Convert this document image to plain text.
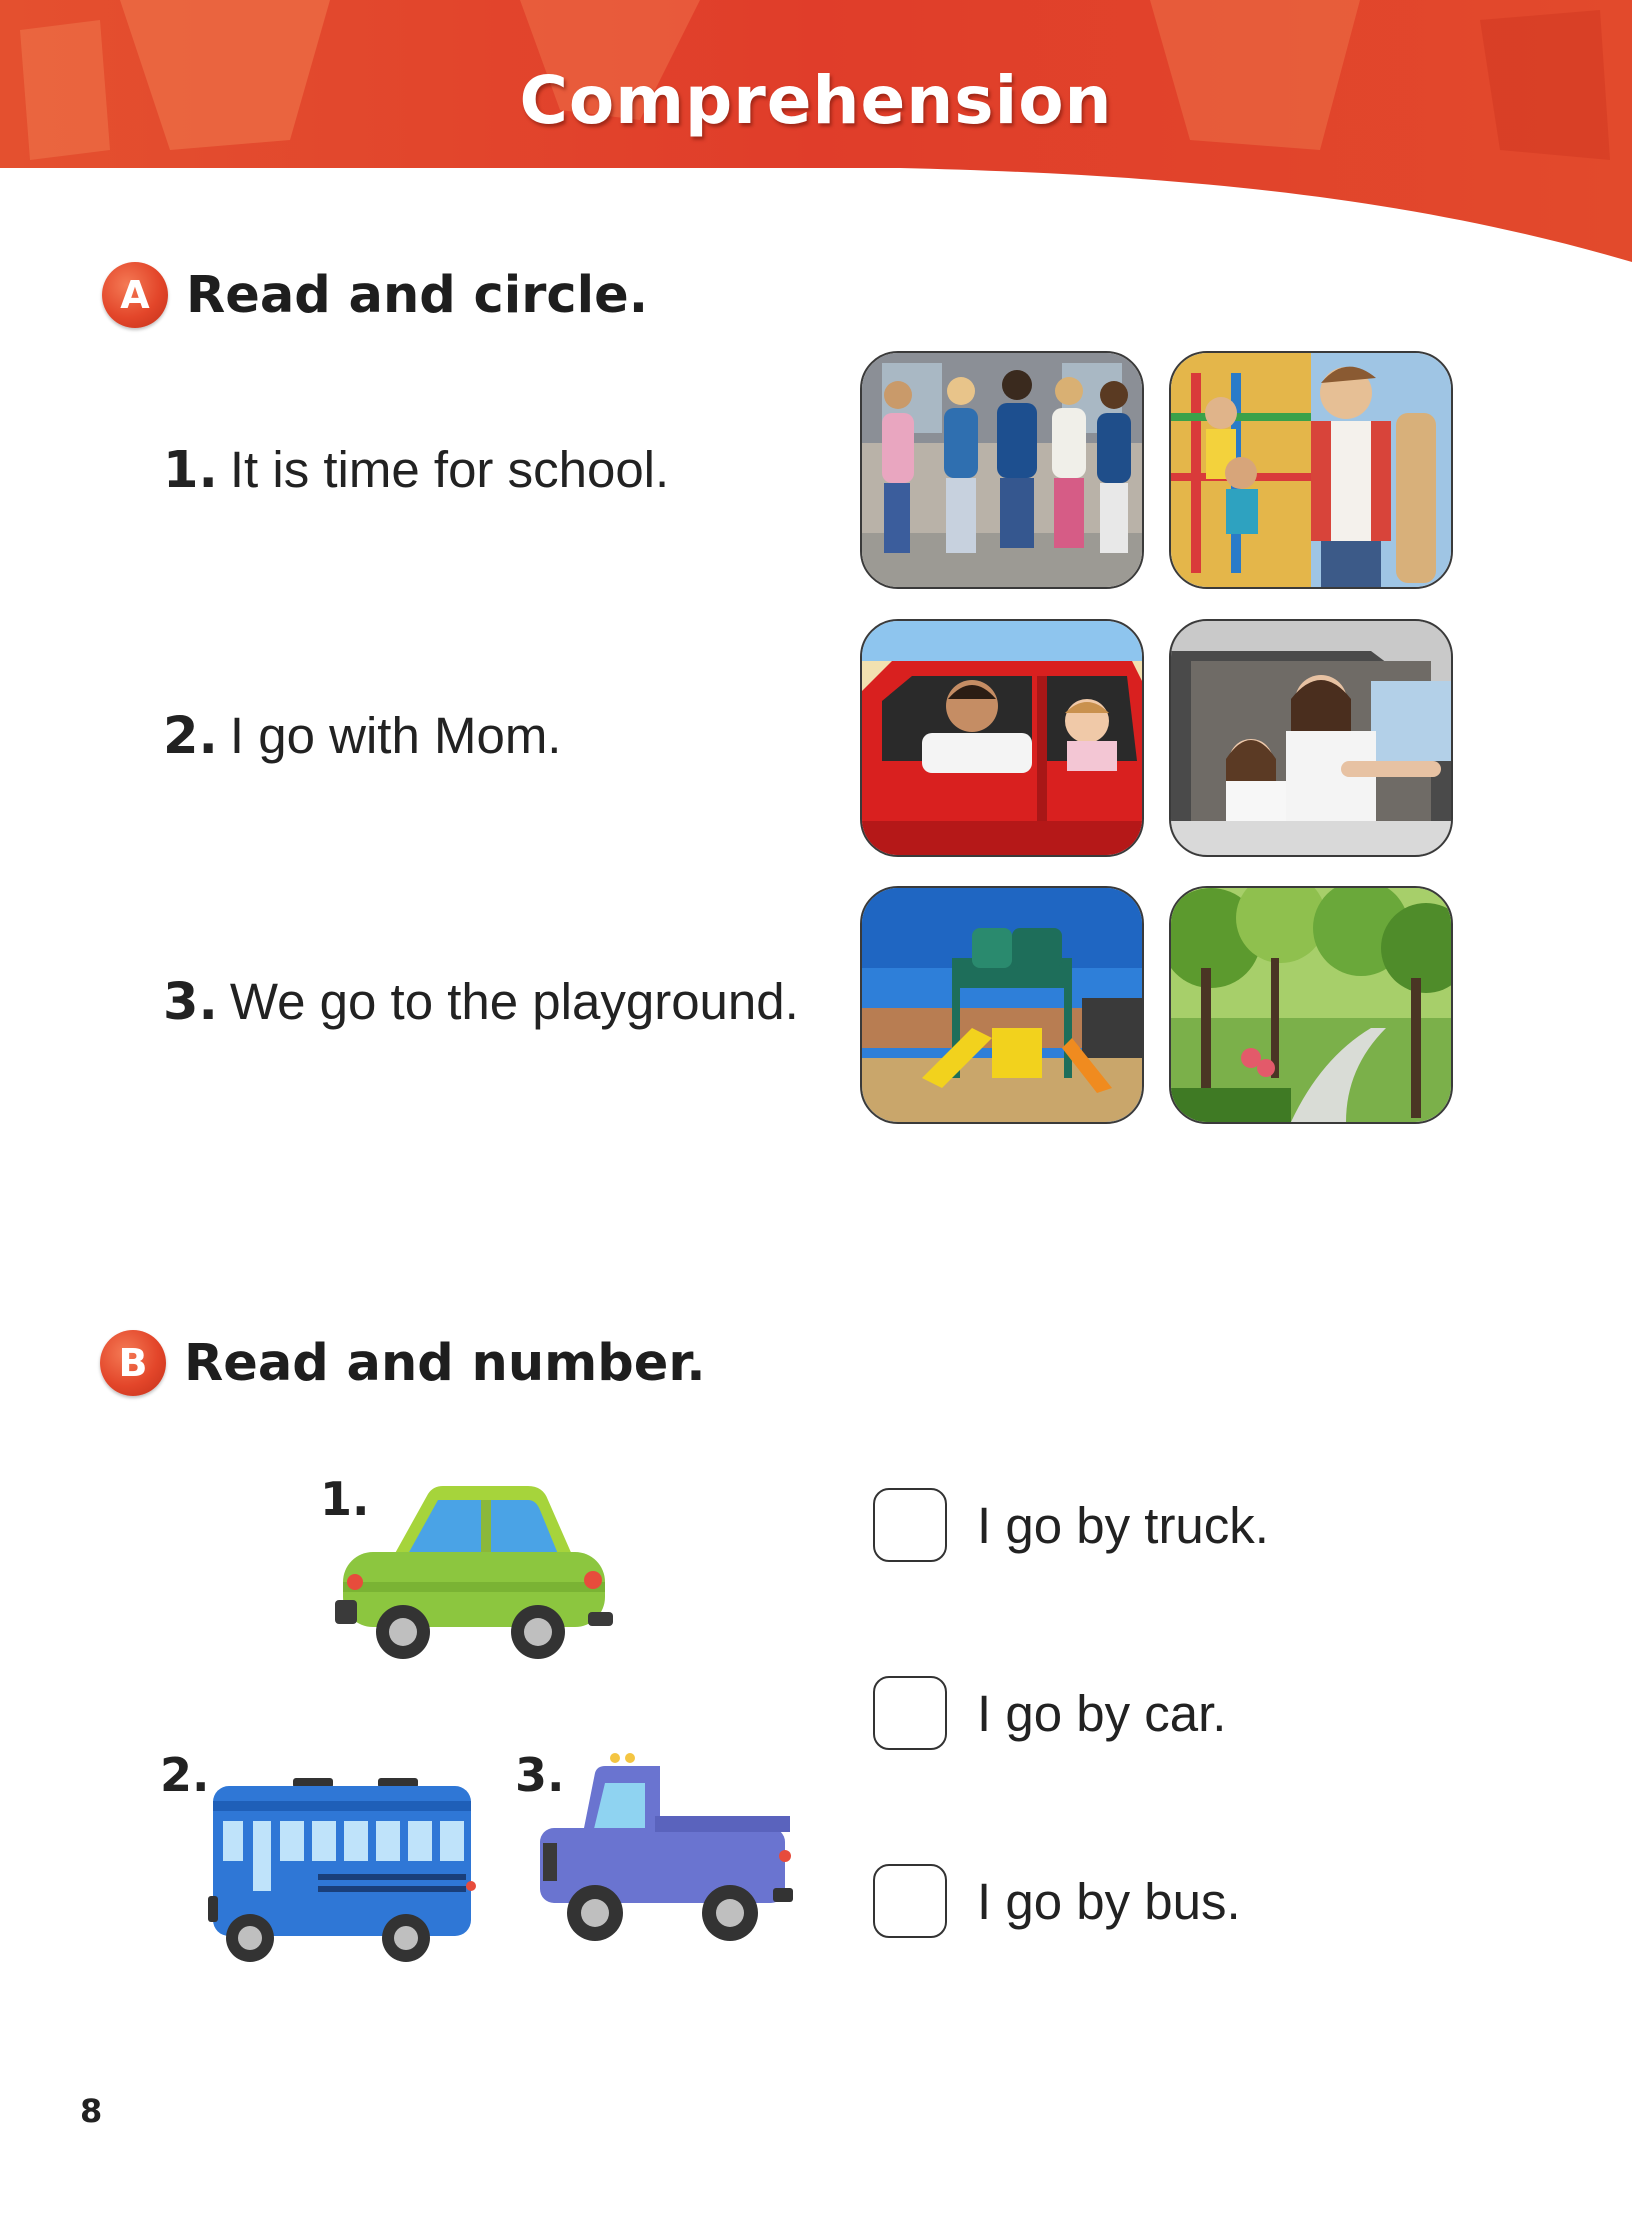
Comprehension
A Read and circle.
1. It is time for school.
2. I go with Mom.
3. We go to the playground.
B Read and number.
1.
2.	3.
I go by truck.
I go by car.
I go by bus.
8
